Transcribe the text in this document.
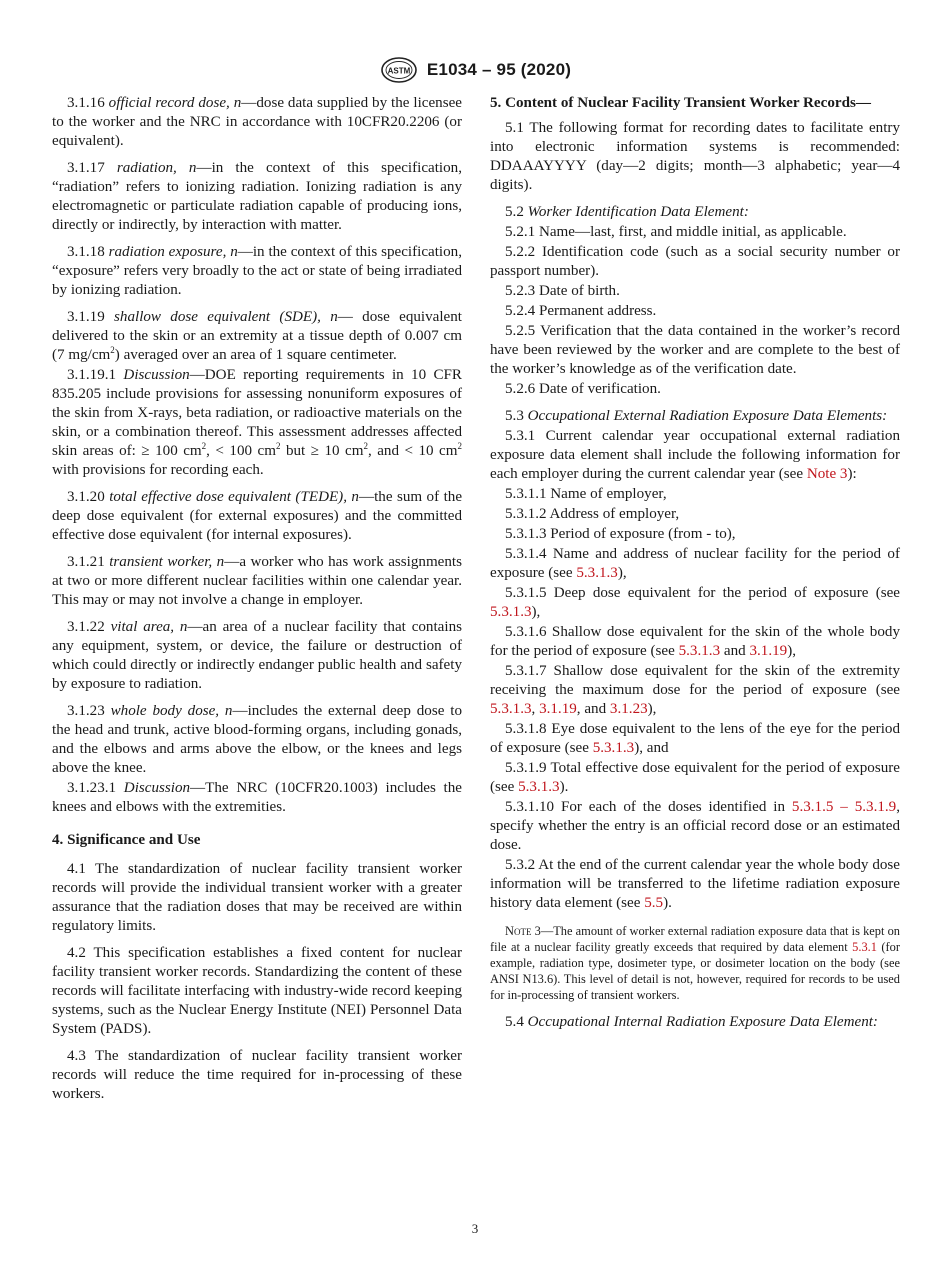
ASTM E1034 – 95 (2020)

3.1.16 official record dose, n—dose data supplied by the licensee to the worker and the NRC in accordance with 10CFR20.2206 (or equivalent).

3.1.17 radiation, n—in the context of this specification, “radiation” refers to ionizing radiation. Ionizing radiation is any electromagnetic or particulate radiation capable of producing ions, directly or indirectly, by interaction with matter.

3.1.18 radiation exposure, n—in the context of this specification, “exposure” refers very broadly to the act or state of being irradiated by ionizing radiation.

3.1.19 shallow dose equivalent (SDE), n— dose equivalent delivered to the skin or an extremity at a tissue depth of 0.007 cm (7 $mg/cm^2$) averaged over an area of 1 square centimeter.

3.1.19.1 Discussion—DOE reporting requirements in 10 CFR 835.205 include provisions for assessing nonuniform exposures of the skin from X-rays, beta radiation, or radioactive materials on the skin, or a combination thereof. This assessment addresses affected skin areas of: ≥ 100 $cm^2$, < 100 $cm^2$ but ≥ 10 $cm^2$, and < 10 $cm^2$ with provisions for recording each.

3.1.20 total effective dose equivalent (TEDE), n—the sum of the deep dose equivalent (for external exposures) and the committed effective dose equivalent (for internal exposures).

3.1.21 transient worker, n—a worker who has work assignments at two or more different nuclear facilities within one calendar year. This may or may not involve a change in employer.

3.1.22 vital area, n—an area of a nuclear facility that contains any equipment, system, or device, the failure or destruction of which could directly or indirectly endanger public health and safety by exposure to radiation.

3.1.23 whole body dose, n—includes the external deep dose to the head and trunk, active blood-forming organs, including gonads, and the elbows and arms above the elbow, or the knees and legs above the knee.

3.1.23.1 Discussion—The NRC (10CFR20.1003) includes the knees and elbows with the extremities.

4. Significance and Use

4.1 The standardization of nuclear facility transient worker records will provide the individual transient worker with a greater assurance that the radiation doses that may be received are within regulatory limits.

4.2 This specification establishes a fixed content for nuclear facility transient worker records. Standardizing the content of these records will facilitate interfacing with industry-wide record keeping systems, such as the Nuclear Energy Institute (NEI) Personnel Data System (PADS).

4.3 The standardization of nuclear facility transient worker records will reduce the time required for in-processing of these workers.

5. Content of Nuclear Facility Transient Worker Records—

5.1 The following format for recording dates to facilitate entry into electronic information systems is recommended: DDAAAYYYY (day—2 digits; month—3 alphabetic; year—4 digits).

5.2 Worker Identification Data Element:

5.2.1 Name—last, first, and middle initial, as applicable.

5.2.2 Identification code (such as a social security number or passport number).

5.2.3 Date of birth.

5.2.4 Permanent address.

5.2.5 Verification that the data contained in the worker’s record have been reviewed by the worker and are complete to the best of the worker’s knowledge as of the verification date.

5.2.6 Date of verification.

5.3 Occupational External Radiation Exposure Data Elements:

5.3.1 Current calendar year occupational external radiation exposure data element shall include the following information for each employer during the current calendar year (see Note 3):

5.3.1.1 Name of employer,

5.3.1.2 Address of employer,

5.3.1.3 Period of exposure (from - to),

5.3.1.4 Name and address of nuclear facility for the period of exposure (see 5.3.1.3),

5.3.1.5 Deep dose equivalent for the period of exposure (see 5.3.1.3),

5.3.1.6 Shallow dose equivalent for the skin of the whole body for the period of exposure (see 5.3.1.3 and 3.1.19),

5.3.1.7 Shallow dose equivalent for the skin of the extremity receiving the maximum dose for the period of exposure (see 5.3.1.3, 3.1.19, and 3.1.23),

5.3.1.8 Eye dose equivalent to the lens of the eye for the period of exposure (see 5.3.1.3), and

5.3.1.9 Total effective dose equivalent for the period of exposure (see 5.3.1.3).

5.3.1.10 For each of the doses identified in 5.3.1.5 – 5.3.1.9, specify whether the entry is an official record dose or an estimated dose.

5.3.2 At the end of the current calendar year the whole body dose information will be transferred to the lifetime radiation exposure history data element (see 5.5).

Note 3—The amount of worker external radiation exposure data that is kept on file at a nuclear facility greatly exceeds that required by data element 5.3.1 (for example, radiation type, dosimeter type, or dosimeter location on the body (see ANSI N13.6). This level of detail is not, however, required for records to be used for in-processing of transient workers.

5.4 Occupational Internal Radiation Exposure Data Element:

3
